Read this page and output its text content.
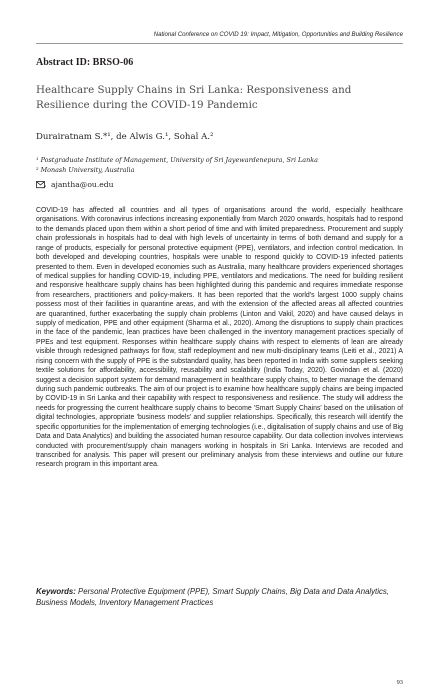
National Conference on COVID 19: Impact, Mitigation, Opportunities and Building Resilience
Abstract ID: BRSO-06
Healthcare Supply Chains in Sri Lanka: Responsiveness and Resilience during the COVID-19 Pandemic
Durairatnam S.*¹, de Alwis G.¹, Sohal A.²
¹ Postgraduate Institute of Management, University of Sri Jayewardenepura, Sri Lanka
² Monash University, Australia
ajantha@ou.edu

COVID-19 has affected all countries and all types of organisations around the world, especially healthcare organisations. With coronavirus infections increasing exponentially from March 2020 onwards, hospitals had to respond to the demands placed upon them within a short period of time and with limited preparedness. Procurement and supply chain professionals in hospitals had to deal with high levels of uncertainty in terms of both demand and supply for a range of products, especially for personal protective equipment (PPE), ventilators, and infection control medication. In both developed and developing countries, hospitals were unable to respond quickly to COVID-19 infected patients presented to them. Even in developed economies such as Australia, many healthcare providers experienced shortages of medical supplies for handling COVID-19, including PPE, ventilators and medications. The need for building resilient and responsive healthcare supply chains has been highlighted during this pandemic and requires immediate response from researchers, practitioners and policy-makers. It has been reported that the world's largest 1000 supply chains possess most of their facilities in quarantine areas, and with the extension of the affected areas all affected countries are quarantined, further exacerbating the supply chain problems (Linton and Vakil, 2020) and have caused delays in supply of medication, PPE and other equipment (Sharma et al., 2020). Among the disruptions to supply chain practices in the face of the pandemic, lean practices have been challenged in the inventory management practices specially of PPEs and test equipment. Responses within healthcare supply chains with respect to elements of lean are already visible through redesigned pathways for flow, staff redeployment and new multi-disciplinary teams (Leiti et al., 2021) A rising concern with the supply of PPE is the substandard quality, has been reported in India with some suppliers seeking textile solutions for affordability, accessibility, reusability and scalability (India Today, 2020). Govindan et al. (2020) suggest a decision support system for demand management in healthcare supply chains, to better manage the demand during such pandemic outbreaks. The aim of our project is to examine how healthcare supply chains are being impacted by COVID-19 in Sri Lanka and their capability with respect to responsiveness and resilience. The study will address the needs for progressing the current healthcare supply chains to become 'Smart Supply Chains' based on the utilisation of digital technologies, appropriate 'business models' and supplier relationships. Specifically, this research will identify the specific opportunities for the implementation of emerging technologies (i.e., digitalisation of supply chains and use of Big Data and Data Analytics) and building the associated human resource capability. Our data collection involves interviews conducted with procurement/supply chain managers working in hospitals in Sri Lanka. Interviews are recoded and transcribed for analysis. This paper will present our preliminary analysis from these interviews and outline our future research program in this important area.

Keywords: Personal Protective Equipment (PPE), Smart Supply Chains, Big Data and Data Analytics, Business Models, Inventory Management Practices
93
